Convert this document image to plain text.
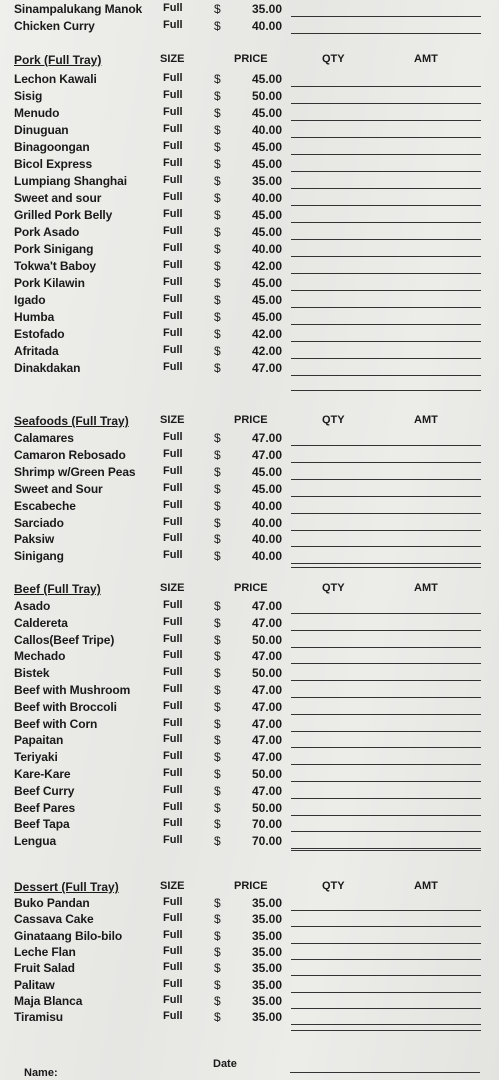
Sinampalukang Manok Full	$	35.00
Chicken Curry	Full	$	40.00
Pork (Full Tray)	SIZE	PRICE	QTY	AMT
Lechon Kawali	Full	$	45.00
Sisig	Full	$	50.00
Menudo	Full	$	45.00
Dinuguan	Full	$	40.00
Binagoongan	Full	$	45.00
Bicol Express	Full	$	45.00
Lumpiang Shanghai	Full	$	35.00
Sweet and sour	Full	$	40.00
Grilled Pork Belly	Full	$	45.00
Pork Asado	Full	$	45.00
Pork Sinigang	Full	$	40.00
Tokwa't Baboy	Full	$	42.00
Pork Kilawin	Full	$	45.00
Igado	Full	$	45.00
Humba	Full	$	45.00
Estofado	Full	$	42.00
Afritada	Full	$	42.00
Dinakdakan	Full	$	47.00
Seafoods (Full Tray)	SIZE	PRICE	QTY	AMT
Calamares	Full	$	47.00
Camaron Rebosado	Full	$	47.00
Shrimp w/Green Peas	Full	$	45.00
Sweet and Sour	Full	$	45.00
Escabeche	Full	$	40.00
Sarciado	Full	$	40.00
Paksiw	Full	$	40.00
Sinigang	Full	$	40.00
Beef (Full Tray)	SIZE	PRICE	QTY	AMT
Asado	Full	$	47.00
Caldereta	Full	$	47.00
Callos(Beef Tripe)	Full	$	50.00
Mechado	Full	$	47.00
Bistek	Full	$	50.00
Beef with Mushroom	Full	$	47.00
Beef with Broccoli	Full	$	47.00
Beef with Corn	Full	$	47.00
Papaitan	Full	$	47.00
Teriyaki	Full	$	47.00
Kare-Kare	Full	$	50.00
Beef Curry	Full	$	47.00
Beef Pares	Full	$	50.00
Beef Tapa	Full	$	70.00
Lengua	Full	$	70.00
Dessert (Full Tray)	SIZE	PRICE	QTY	AMT
Buko Pandan	Full	$	35.00
Cassava Cake	Full	$	35.00
Ginataang Bilo-bilo	Full	$	35.00
Leche Flan	Full	$	35.00
Fruit Salad	Full	$	35.00
Palitaw	Full	$	35.00
Maja Blanca	Full	$	35.00
Tiramisu	Full	$	35.00
Date
Name:
